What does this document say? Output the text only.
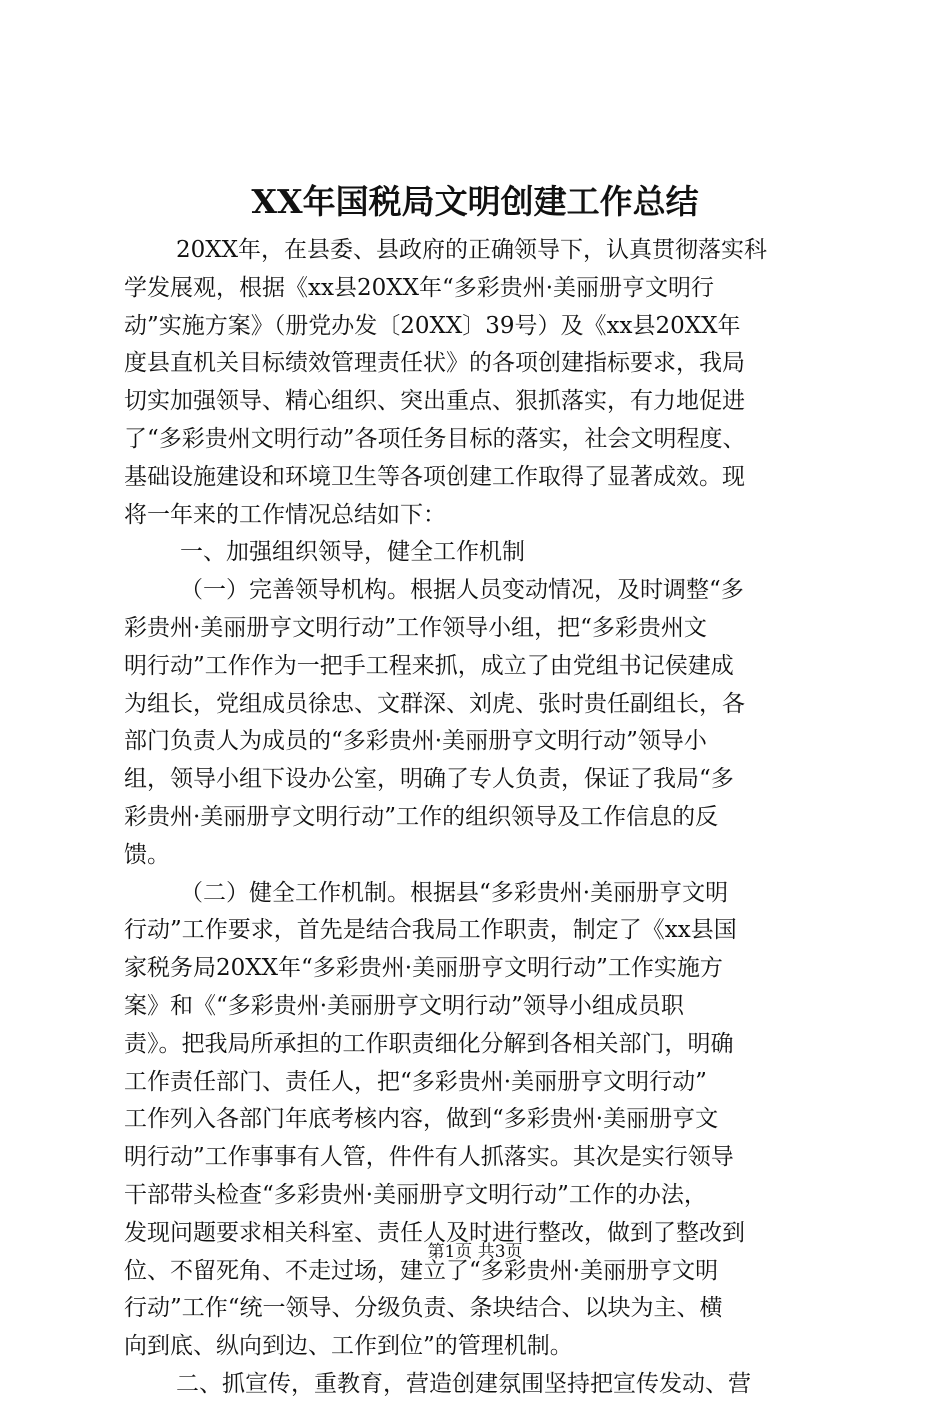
XX年国税局文明创建工作总结
20XX年，在县委、县政府的正确领导下，认真贯彻落实科
学发展观，根据《xx县20XX年“多彩贵州·美丽册亨文明行
动”实施方案》（册党办发〔20XX〕39号）及《xx县20XX年
度县直机关目标绩效管理责任状》的各项创建指标要求，我局
切实加强领导、精心组织、突出重点、狠抓落实，有力地促进
了“多彩贵州文明行动”各项任务目标的落实，社会文明程度、
基础设施建设和环境卫生等各项创建工作取得了显著成效。现
将一年来的工作情况总结如下：
一、加强组织领导，健全工作机制
（一）完善领导机构。根据人员变动情况，及时调整“多
彩贵州·美丽册亨文明行动”工作领导小组，把“多彩贵州文
明行动”工作作为一把手工程来抓，成立了由党组书记侯建成
为组长，党组成员徐忠、文群深、刘虎、张时贵任副组长，各
部门负责人为成员的“多彩贵州·美丽册亨文明行动”领导小
组，领导小组下设办公室，明确了专人负责，保证了我局“多
彩贵州·美丽册亨文明行动”工作的组织领导及工作信息的反
馈。
（二）健全工作机制。根据县“多彩贵州·美丽册亨文明
行动”工作要求，首先是结合我局工作职责，制定了《xx县国
家税务局20XX年“多彩贵州·美丽册亨文明行动”工作实施方
案》和《“多彩贵州·美丽册亨文明行动”领导小组成员职
责》。把我局所承担的工作职责细化分解到各相关部门，明确
工作责任部门、责任人，把“多彩贵州·美丽册亨文明行动”
工作列入各部门年底考核内容，做到“多彩贵州·美丽册亨文
明行动”工作事事有人管，件件有人抓落实。其次是实行领导
干部带头检查“多彩贵州·美丽册亨文明行动”工作的办法，
发现问题要求相关科室、责任人及时进行整改，做到了整改到
位、不留死角、不走过场，建立了“多彩贵州·美丽册亨文明
行动”工作“统一领导、分级负责、条块结合、以块为主、横
向到底、纵向到边、工作到位”的管理机制。
二、抓宣传，重教育，营造创建氛围坚持把宣传发动、营
第1页 共3页
